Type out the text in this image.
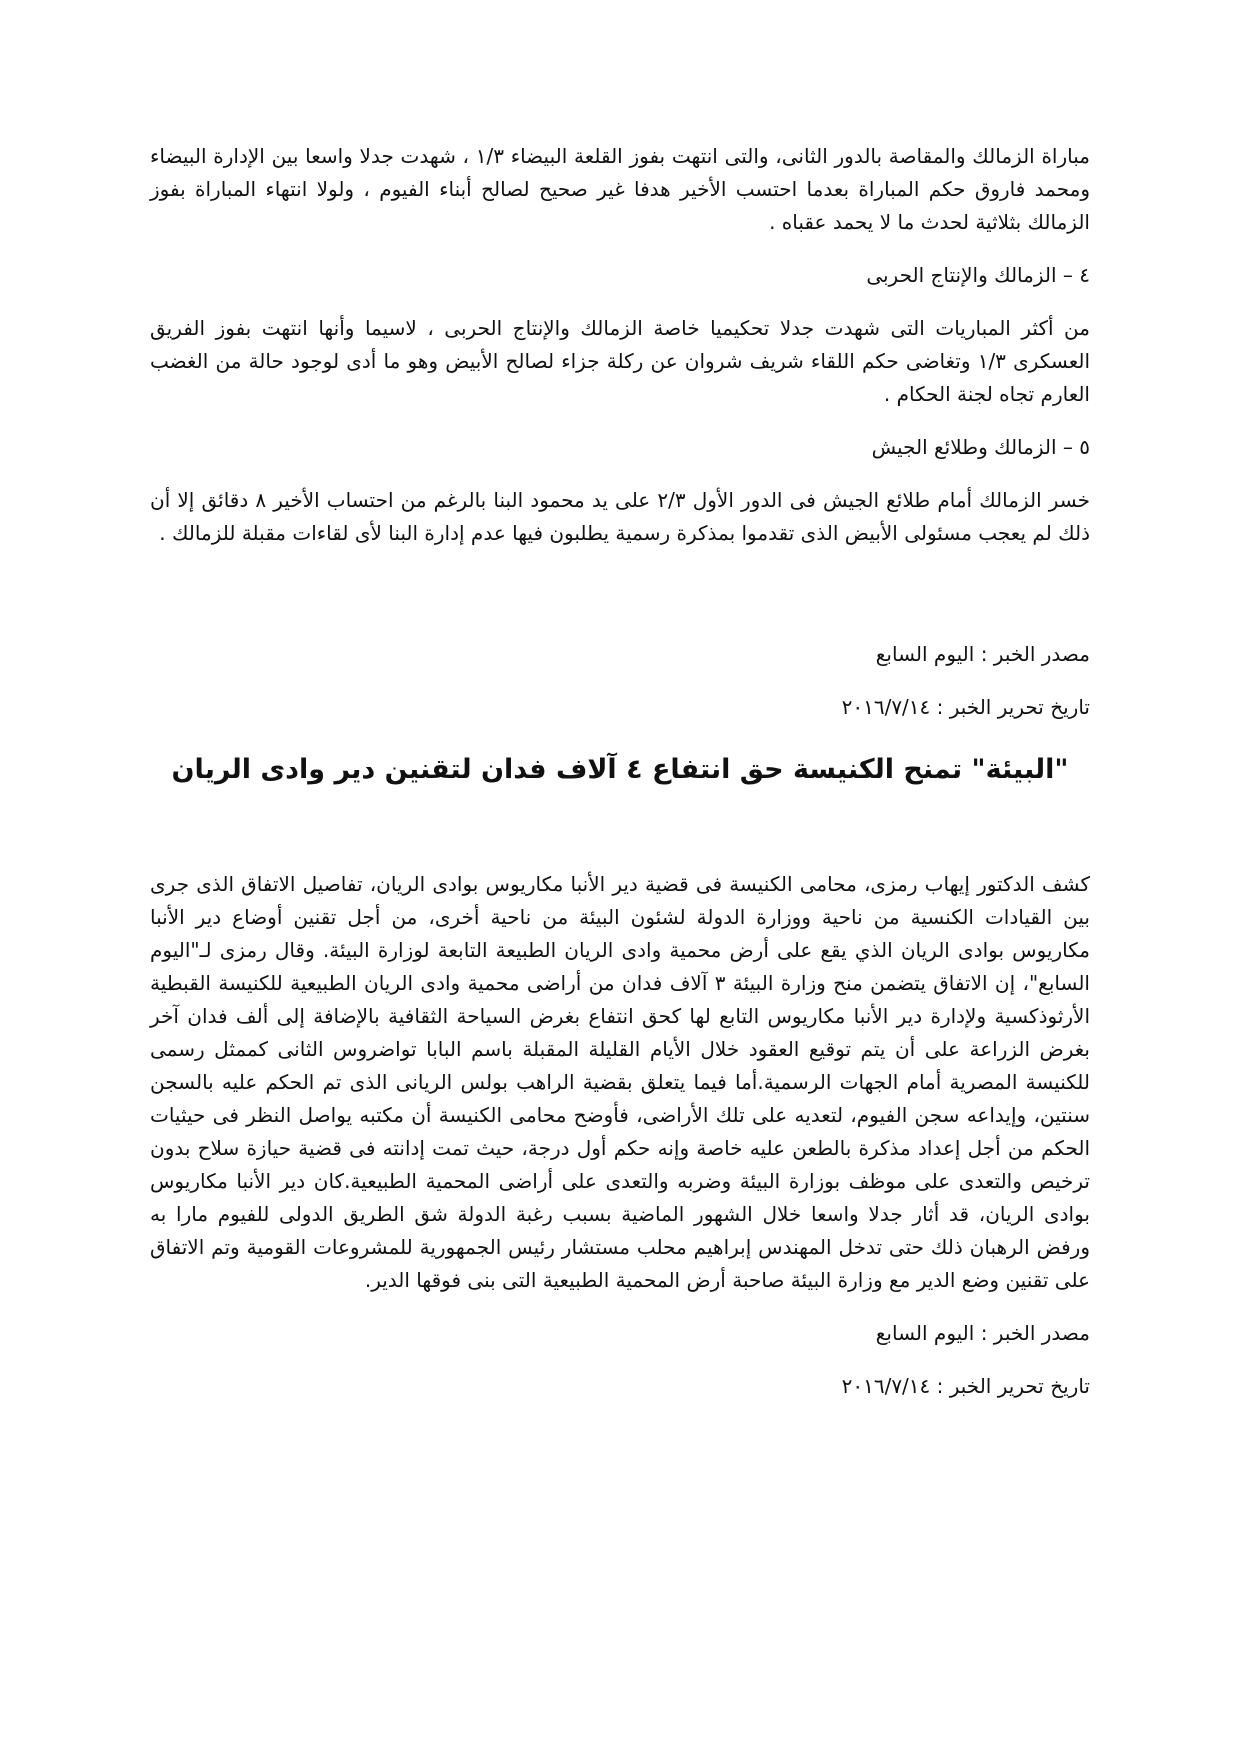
مباراة الزمالك والمقاصة بالدور الثانى، والتى انتهت بفوز القلعة البيضاء ١/٣ ، شهدت جدلا واسعا بين الإدارة البيضاء ومحمد فاروق حكم المباراة بعدما احتسب الأخير هدفا غير صحيح لصالح أبناء الفيوم ، ولولا انتهاء المباراة بفوز الزمالك بثلاثية لحدث ما لا يحمد عقباه .

٤ – الزمالك والإنتاج الحربى

من أكثر المباريات التى شهدت جدلا تحكيميا خاصة الزمالك والإنتاج الحربى ، لاسيما وأنها انتهت بفوز الفريق العسكرى ١/٣ وتغاضى حكم اللقاء شريف شروان عن ركلة جزاء لصالح الأبيض وهو ما أدى لوجود حالة من الغضب العارم تجاه لجنة الحكام .

٥ – الزمالك وطلائع الجيش

خسر الزمالك أمام طلائع الجيش فى الدور الأول ٢/٣ على يد محمود البنا بالرغم من احتساب الأخير ٨ دقائق إلا أن ذلك لم يعجب مسئولى الأبيض الذى تقدموا بمذكرة رسمية يطلبون فيها عدم إدارة البنا لأى لقاءات مقبلة للزمالك .

مصدر الخبر : اليوم السابع

تاريخ تحرير الخبر : ٢٠١٦/٧/١٤

"البيئة" تمنح الكنيسة حق انتفاع ٤ آلاف فدان لتقنين دير وادى الريان

كشف الدكتور إيهاب رمزى، محامى الكنيسة فى قضية دير الأنبا مكاريوس بوادى الريان، تفاصيل الاتفاق الذى جرى بين القيادات الكنسية من ناحية ووزارة الدولة لشئون البيئة من ناحية أخرى، من أجل تقنين أوضاع دير الأنبا مكاريوس بوادى الريان الذي يقع على أرض محمية وادى الريان الطبيعة التابعة لوزارة البيئة. وقال رمزى لـ"اليوم السابع"، إن الاتفاق يتضمن منح وزارة البيئة ٣ آلاف فدان من أراضى محمية وادى الريان الطبيعية للكنيسة القبطية الأرثوذكسية ولإدارة دير الأنبا مكاريوس التابع لها كحق انتفاع بغرض السياحة الثقافية بالإضافة إلى ألف فدان آخر بغرض الزراعة على أن يتم توقيع العقود خلال الأيام القليلة المقبلة باسم البابا تواضروس الثانى كممثل رسمى للكنيسة المصرية أمام الجهات الرسمية.أما فيما يتعلق بقضية الراهب بولس الريانى الذى تم الحكم عليه بالسجن سنتين، وإيداعه سجن الفيوم، لتعديه على تلك الأراضى، فأوضح محامى الكنيسة أن مكتبه يواصل النظر فى حيثيات الحكم من أجل إعداد مذكرة بالطعن عليه خاصة وإنه حكم أول درجة، حيث تمت إدانته فى قضية حيازة سلاح بدون ترخيص والتعدى على موظف بوزارة البيئة وضربه والتعدى على أراضى المحمية الطبيعية.كان دير الأنبا مكاريوس بوادى الريان، قد أثار جدلا واسعا خلال الشهور الماضية بسبب رغبة الدولة شق الطريق الدولى للفيوم مارا به ورفض الرهبان ذلك حتى تدخل المهندس إبراهيم محلب مستشار رئيس الجمهورية للمشروعات القومية وتم الاتفاق على تقنين وضع الدير مع وزارة البيئة صاحبة أرض المحمية الطبيعية التى بنى فوقها الدير.

مصدر الخبر : اليوم السابع

تاريخ تحرير الخبر : ٢٠١٦/٧/١٤
